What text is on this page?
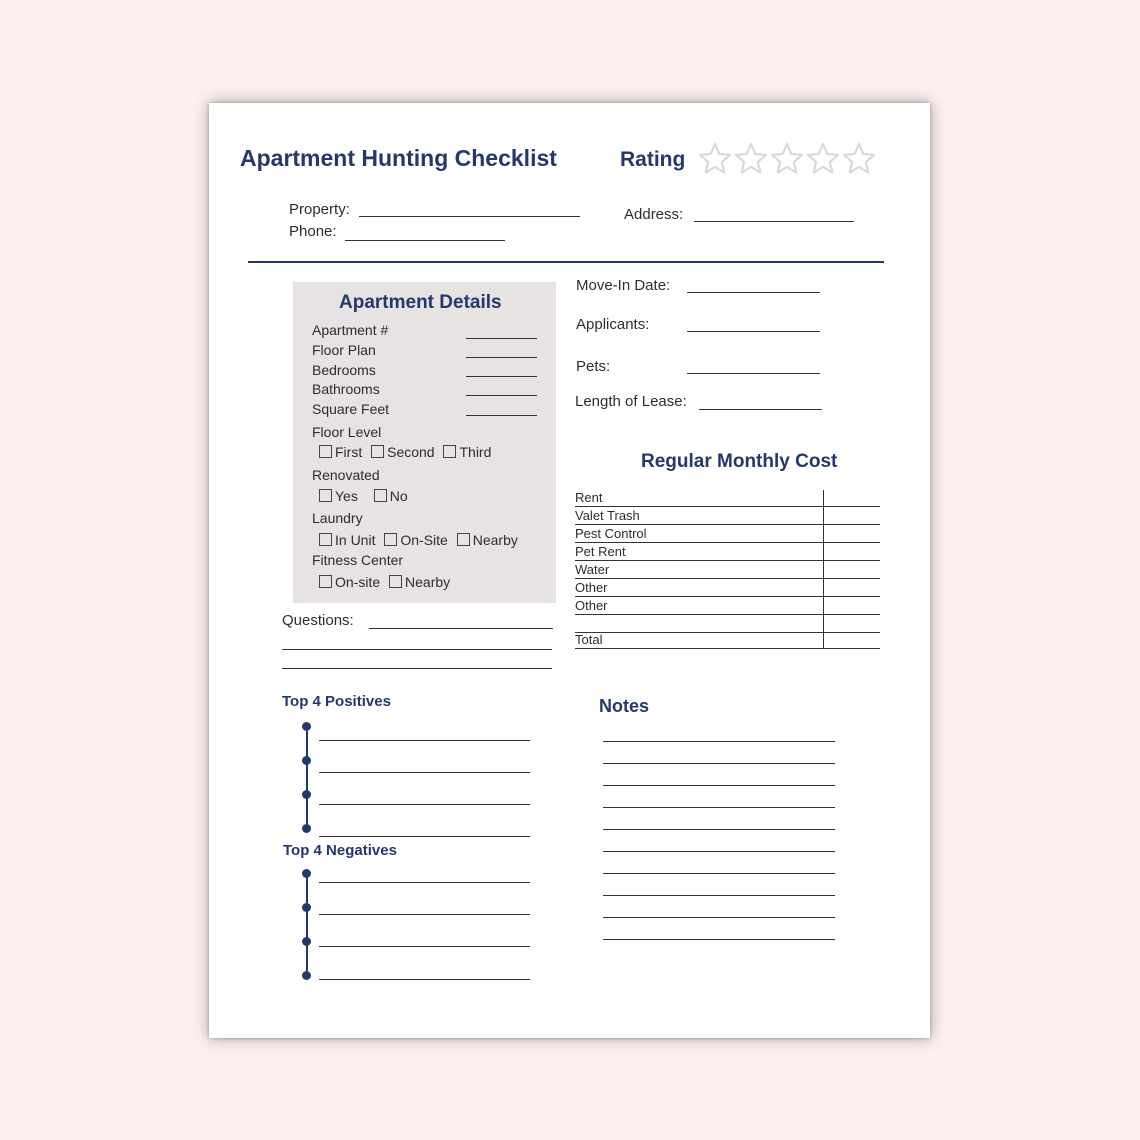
Apartment Hunting Checklist	Rating
Property:
Phone:
Address:
Apartment Details
Apartment #
Floor Plan
Bedrooms
Bathrooms
Square Feet
Floor Level
First Second Third
Renovated
Yes No
Laundry
In Unit On-Site Nearby
Fitness Center
On-site Nearby
Move-In Date:
Applicants:
Pets:
Length of Lease:
Regular Monthly Cost
Rent
Valet Trash
Pest Control
Pet Rent
Water
Other
Other
Total
Questions:
Top 4 Positives
Top 4 Negatives
Notes
